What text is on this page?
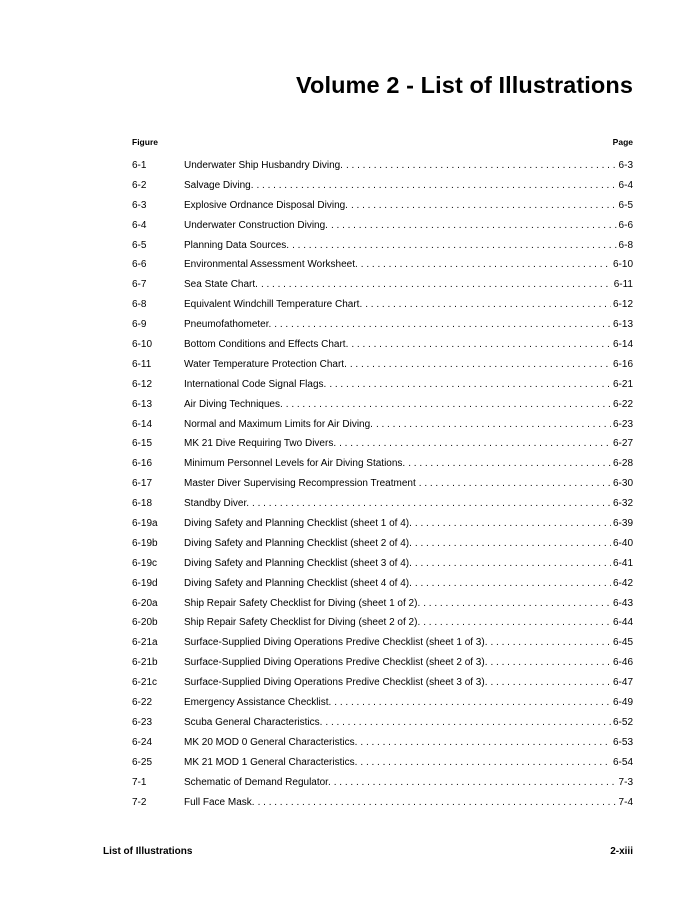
Volume 2 - List of Illustrations
Figure	Page
6-1	Underwater Ship Husbandry Diving. . . .	6-3
6-2	Salvage Diving. . . .	6-4
6-3	Explosive Ordnance Disposal Diving. . . .	6-5
6-4	Underwater Construction Diving. . . .	6-6
6-5	Planning Data Sources. . . .	6-8
6-6	Environmental Assessment Worksheet. . . .	6-10
6-7	Sea State Chart. . . .	6-11
6-8	Equivalent Windchill Temperature Chart. . . .	6-12
6-9	Pneumofathometer. . . .	6-13
6-10	Bottom Conditions and Effects Chart. . . .	6-14
6-11	Water Temperature Protection Chart. . . .	6-16
6-12	International Code Signal Flags. . . .	6-21
6-13	Air Diving Techniques. . . .	6-22
6-14	Normal and Maximum Limits for Air Diving. . . .	6-23
6-15	MK 21 Dive Requiring Two Divers. . . .	6-27
6-16	Minimum Personnel Levels for Air Diving Stations. . . .	6-28
6-17	Master Diver Supervising Recompression Treatment . . .	6-30
6-18	Standby Diver. . . .	6-32
6-19a	Diving Safety and Planning Checklist (sheet 1 of 4). . . .	6-39
6-19b	Diving Safety and Planning Checklist (sheet 2 of 4). . . .	6-40
6-19c	Diving Safety and Planning Checklist (sheet 3 of 4). . . .	6-41
6-19d	Diving Safety and Planning Checklist (sheet 4 of 4). . . .	6-42
6-20a	Ship Repair Safety Checklist for Diving (sheet 1 of 2). . . .	6-43
6-20b	Ship Repair Safety Checklist for Diving (sheet 2 of 2). . . .	6-44
6-21a	Surface-Supplied Diving Operations Predive Checklist (sheet 1 of 3). . . .	6-45
6-21b	Surface-Supplied Diving Operations Predive Checklist (sheet 2 of 3). . . .	6-46
6-21c	Surface-Supplied Diving Operations Predive Checklist (sheet 3 of 3). . . .	6-47
6-22	Emergency Assistance Checklist. . . .	6-49
6-23	Scuba General Characteristics. . . .	6-52
6-24	MK 20 MOD 0 General Characteristics. . . .	6-53
6-25	MK 21 MOD 1 General Characteristics. . . .	6-54
7-1	Schematic of Demand Regulator. . . .	7-3
7-2	Full Face Mask. . . .	7-4
List of Illustrations	2-xiii
